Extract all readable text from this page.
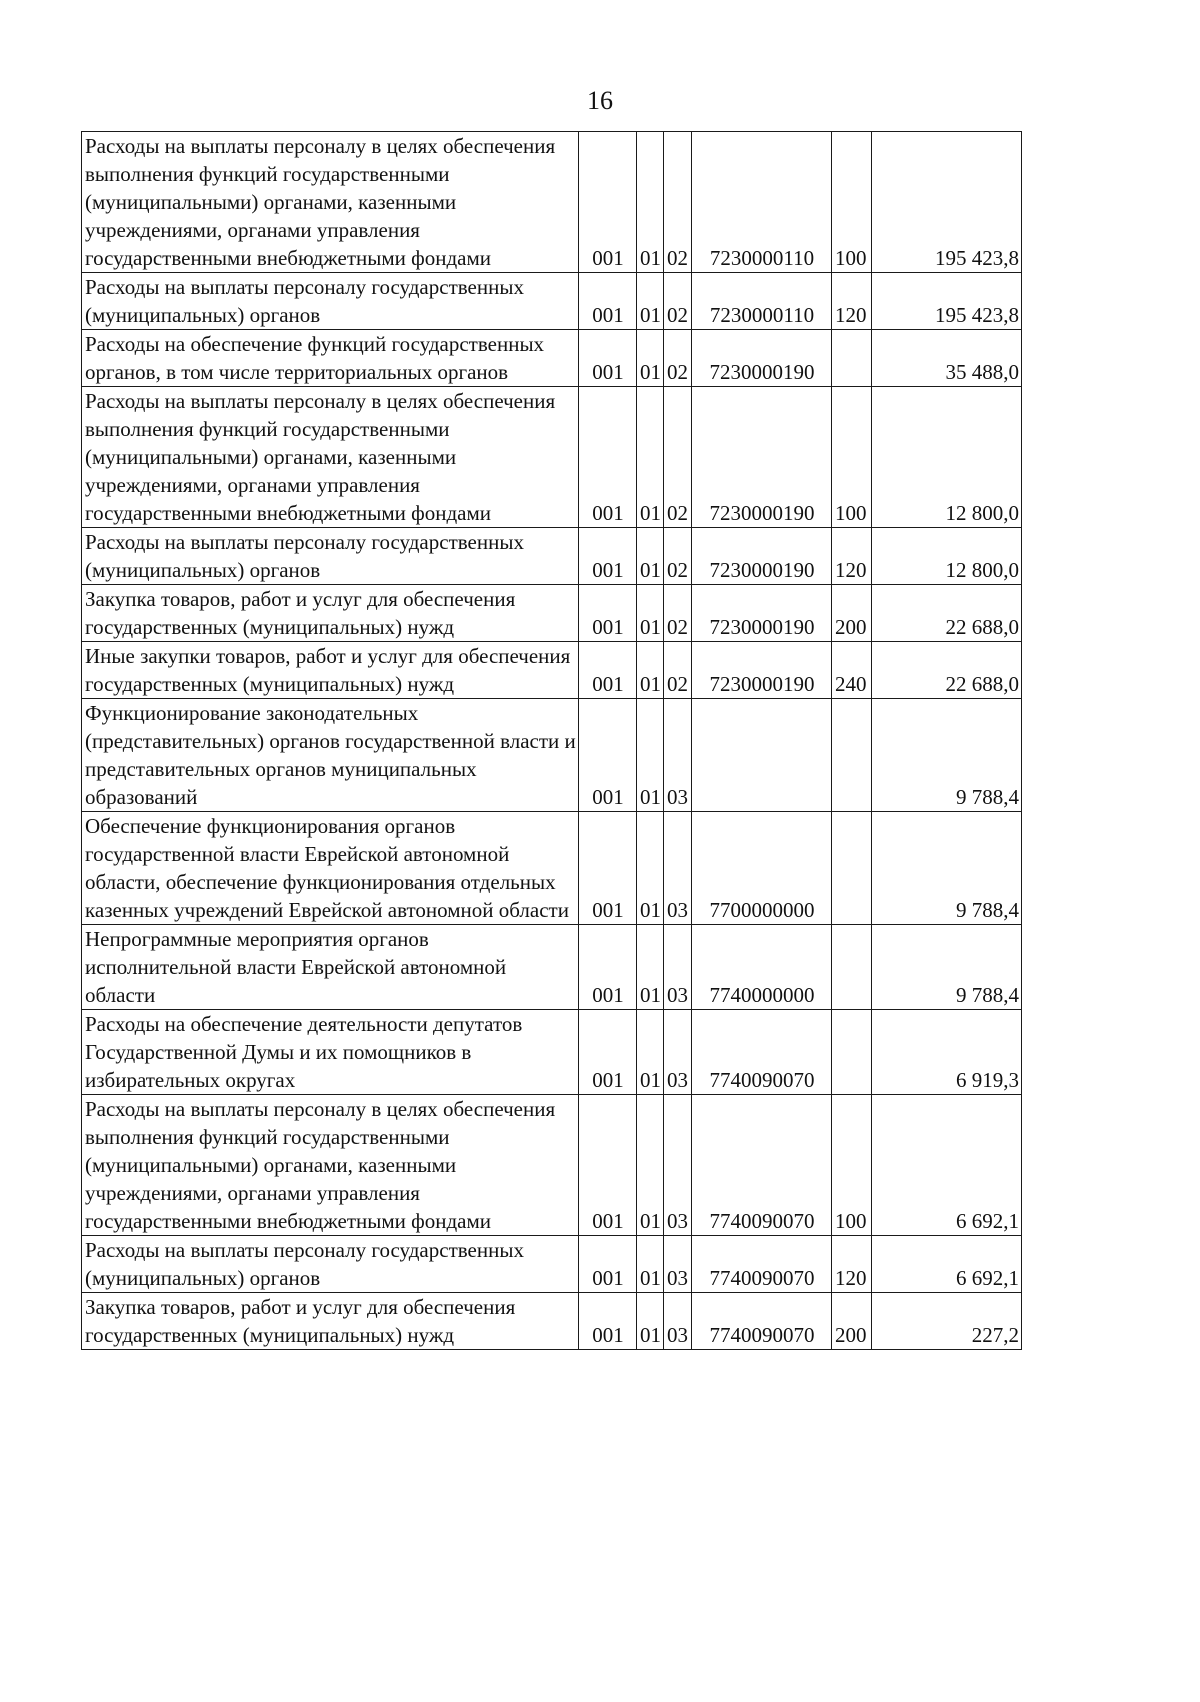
16
Расходы на выплаты персоналу в целях обеспечения выполнения функций государственными (муниципальными) органами, казенными учреждениями, органами управления государственными внебюджетными фондами	001	01	02	7230000110	100	195 423,8
Расходы на выплаты персоналу государственных (муниципальных) органов	001	01	02	7230000110	120	195 423,8
Расходы на обеспечение функций государственных органов, в том числе территориальных органов	001	01	02	7230000190		35 488,0
Расходы на выплаты персоналу в целях обеспечения выполнения функций государственными (муниципальными) органами, казенными учреждениями, органами управления государственными внебюджетными фондами	001	01	02	7230000190	100	12 800,0
Расходы на выплаты персоналу государственных (муниципальных) органов	001	01	02	7230000190	120	12 800,0
Закупка товаров, работ и услуг для обеспечения государственных (муниципальных) нужд	001	01	02	7230000190	200	22 688,0
Иные закупки товаров, работ и услуг для обеспечения государственных (муниципальных) нужд	001	01	02	7230000190	240	22 688,0
Функционирование законодательных (представительных) органов государственной власти и представительных органов муниципальных образований	001	01	03			9 788,4
Обеспечение функционирования органов государственной власти Еврейской автономной области, обеспечение функционирования отдельных казенных учреждений Еврейской автономной области	001	01	03	7700000000		9 788,4
Непрограммные мероприятия органов исполнительной власти Еврейской автономной области	001	01	03	7740000000		9 788,4
Расходы на обеспечение деятельности депутатов Государственной Думы и их помощников в избирательных округах	001	01	03	7740090070		6 919,3
Расходы на выплаты персоналу в целях обеспечения выполнения функций государственными (муниципальными) органами, казенными учреждениями, органами управления государственными внебюджетными фондами	001	01	03	7740090070	100	6 692,1
Расходы на выплаты персоналу государственных (муниципальных) органов	001	01	03	7740090070	120	6 692,1
Закупка товаров, работ и услуг для обеспечения государственных (муниципальных) нужд	001	01	03	7740090070	200	227,2
